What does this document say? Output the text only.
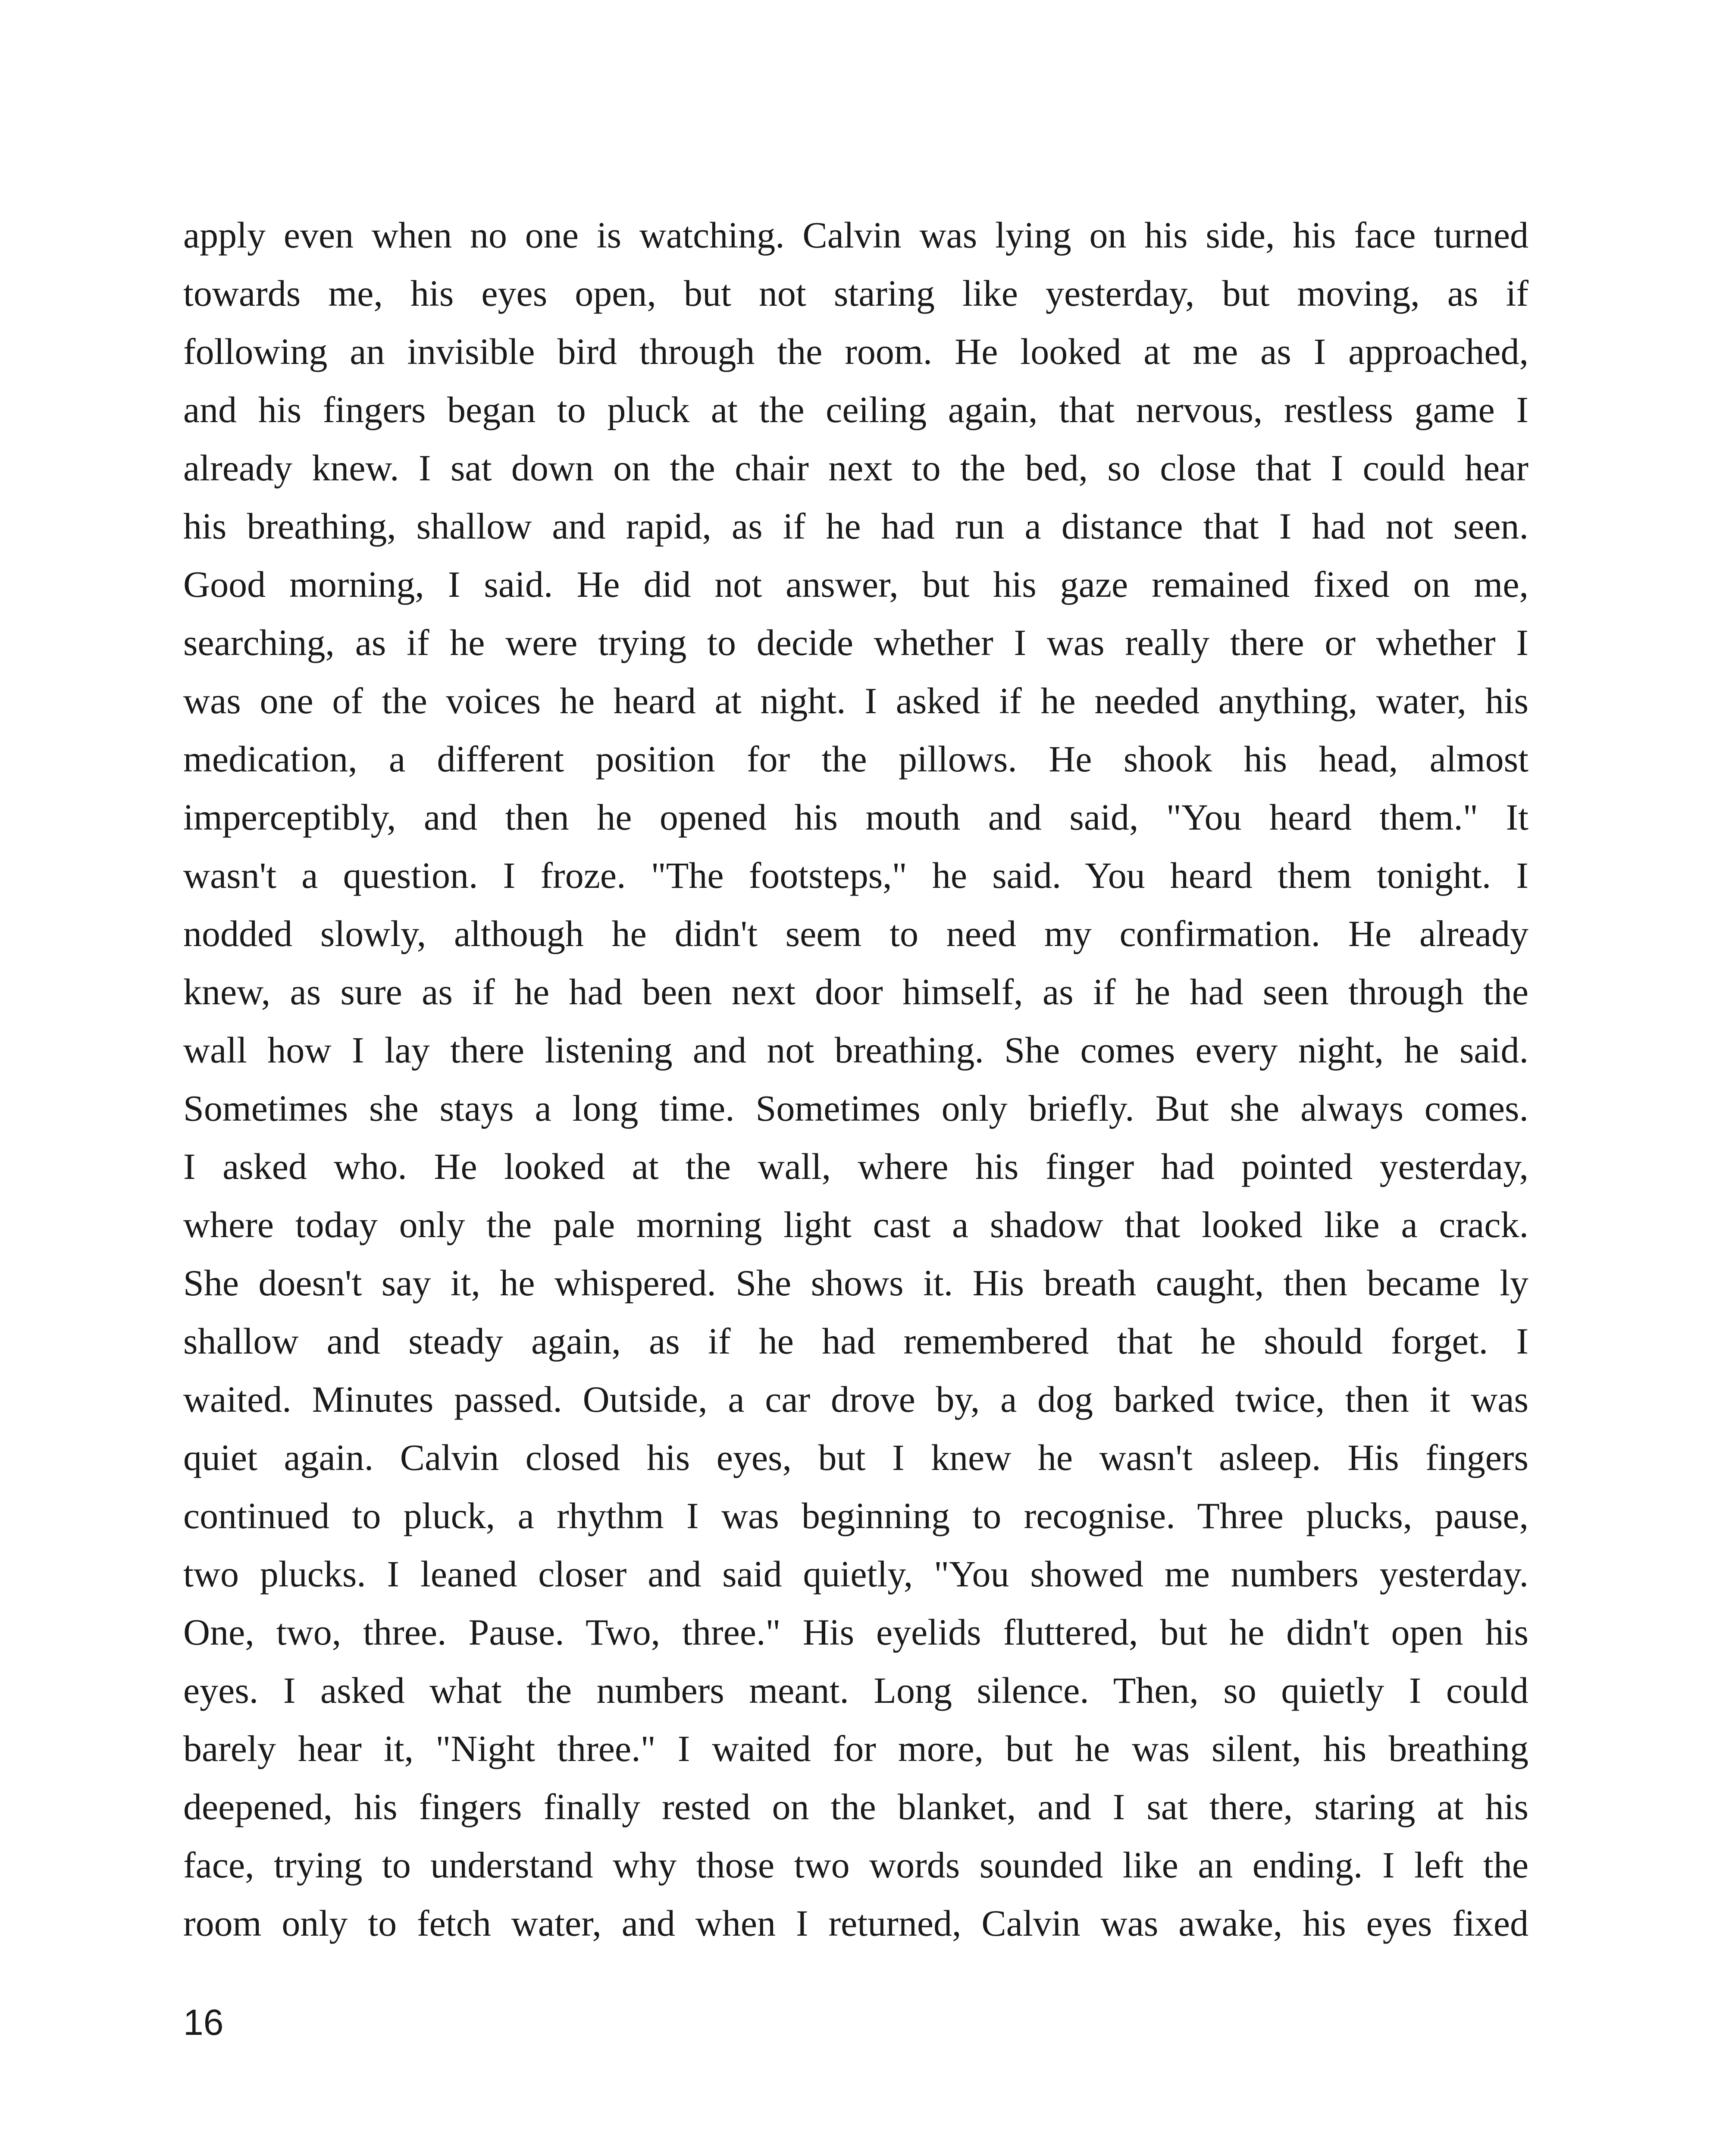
apply even when no one is watching. Calvin was lying on his side, his face turned
towards me, his eyes open, but not staring like yesterday, but moving, as if
following an invisible bird through the room. He looked at me as I approached,
and his fingers began to pluck at the ceiling again, that nervous, restless game I
already knew. I sat down on the chair next to the bed, so close that I could hear
his breathing, shallow and rapid, as if he had run a distance that I had not seen.
Good morning, I said. He did not answer, but his gaze remained fixed on me,
searching, as if he were trying to decide whether I was really there or whether I
was one of the voices he heard at night. I asked if he needed anything, water, his
medication, a different position for the pillows. He shook his head, almost
imperceptibly, and then he opened his mouth and said, "You heard them." It
wasn't a question. I froze. "The footsteps," he said. You heard them tonight. I
nodded slowly, although he didn't seem to need my confirmation. He already
knew, as sure as if he had been next door himself, as if he had seen through the
wall how I lay there listening and not breathing. She comes every night, he said.
Sometimes she stays a long time. Sometimes only briefly. But she always comes.
I asked who. He looked at the wall, where his finger had pointed yesterday,
where today only the pale morning light cast a shadow that looked like a crack.
She doesn't say it, he whispered. She shows it. His breath caught, then became ly
shallow and steady again, as if he had remembered that he should forget. I
waited. Minutes passed. Outside, a car drove by, a dog barked twice, then it was
quiet again. Calvin closed his eyes, but I knew he wasn't asleep. His fingers
continued to pluck, a rhythm I was beginning to recognise. Three plucks, pause,
two plucks. I leaned closer and said quietly, "You showed me numbers yesterday.
One, two, three. Pause. Two, three." His eyelids fluttered, but he didn't open his
eyes. I asked what the numbers meant. Long silence. Then, so quietly I could
barely hear it, "Night three." I waited for more, but he was silent, his breathing
deepened, his fingers finally rested on the blanket, and I sat there, staring at his
face, trying to understand why those two words sounded like an ending. I left the
room only to fetch water, and when I returned, Calvin was awake, his eyes fixed
16
